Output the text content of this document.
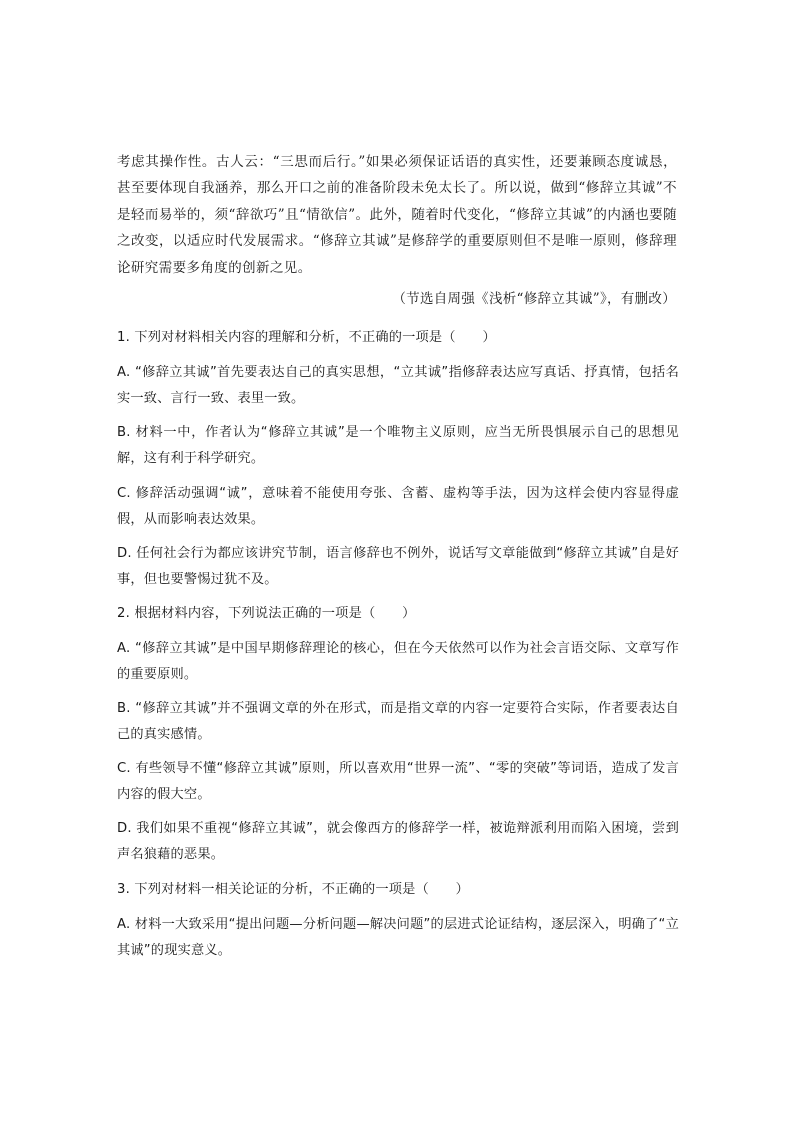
考虑其操作性。古人云：“三思而后行。”如果必须保证话语的真实性，还要兼顾态度诚恳，甚至要体现自我涵养，那么开口之前的准备阶段未免太长了。所以说，做到“修辞立其诚”不是轻而易举的，须“辞欲巧”且“情欲信”。此外，随着时代变化，“修辞立其诚”的内涵也要随之改变，以适应时代发展需求。“修辞立其诚”是修辞学的重要原则但不是唯一原则，修辞理论研究需要多角度的创新之见。

（节选自周强《浅析“修辞立其诚”》，有删改）
1. 下列对材料相关内容的理解和分析，不正确的一项是（　　）
A. “修辞立其诚”首先要表达自己的真实思想，“立其诚”指修辞表达应写真话、抒真情，包括名实一致、言行一致、表里一致。
B. 材料一中，作者认为“修辞立其诚”是一个唯物主义原则，应当无所畏惧展示自己的思想见解，这有利于科学研究。
C. 修辞活动强调“诚”，意味着不能使用夸张、含蓄、虚构等手法，因为这样会使内容显得虚假，从而影响表达效果。
D. 任何社会行为都应该讲究节制，语言修辞也不例外，说话写文章能做到“修辞立其诚”自是好事，但也要警惕过犹不及。
2. 根据材料内容，下列说法正确的一项是（　　）
A. “修辞立其诚”是中国早期修辞理论的核心，但在今天依然可以作为社会言语交际、文章写作的重要原则。
B. “修辞立其诚”并不强调文章的外在形式，而是指文章的内容一定要符合实际，作者要表达自己的真实感情。
C. 有些领导不懂“修辞立其诚”原则，所以喜欢用“世界一流”、“零的突破”等词语，造成了发言内容的假大空。
D. 我们如果不重视“修辞立其诚”，就会像西方的修辞学一样，被诡辩派利用而陷入困境，尝到声名狼藉的恶果。
3. 下列对材料一相关论证的分析，不正确的一项是（　　）
A. 材料一大致采用“提出问题—分析问题—解决问题”的层进式论证结构，逐层深入，明确了“立其诚”的现实意义。
